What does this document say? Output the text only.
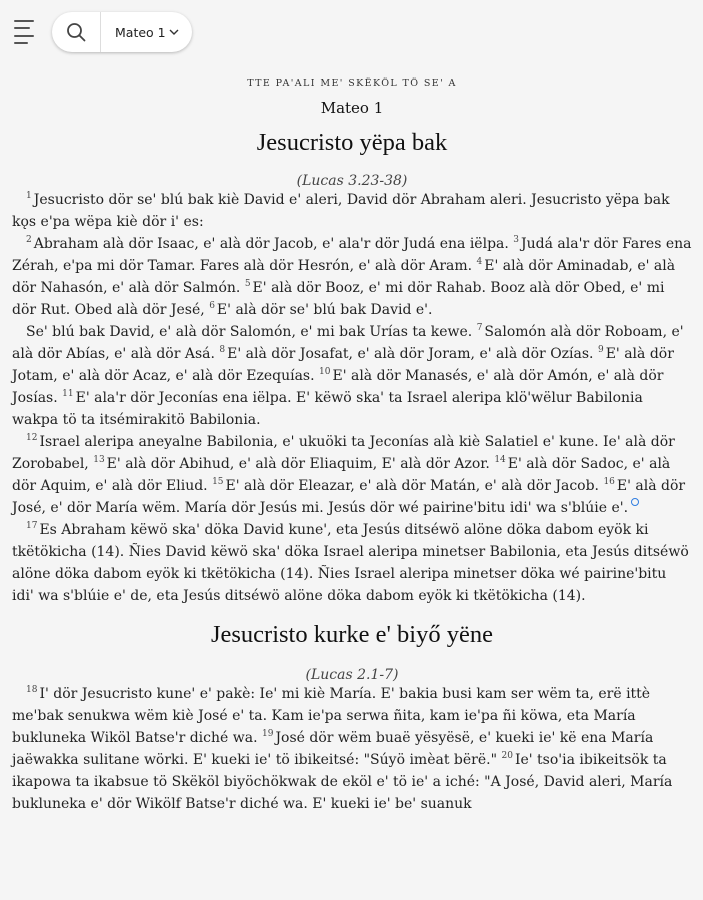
Mateo 1
TTE PA'ALI ME' SKËKÖL TÖ SE' A
Mateo 1
Jesucristo yëpa bak
(Lucas 3.23-38)

$^1$ Jesucristo dör se' blú bak kiè David e' aleri, David dör Abraham aleri. Jesucristo yëpa bak kǫs e'pa wëpa kiè dör i' es:

$^2$ Abraham alà dör Isaac, e' alà dör Jacob, e' ala'r dör Judá ena iëlpa. $^3$ Judá ala'r dör Fares ena Zérah, e'pa mi dör Tamar. Fares alà dör Hesrón, e' alà dör Aram. $^4$ E' alà dör Aminadab, e' alà dör Nahasón, e' alà dör Salmón. $^5$ E' alà dör Booz, e' mi dör Rahab. Booz alà dör Obed, e' mi dör Rut. Obed alà dör Jesé, $^6$ E' alà dör se' blú bak David e'.

Se' blú bak David, e' alà dör Salomón, e' mi bak Urías ta kewe. $^7$ Salomón alà dör Roboam, e' alà dör Abías, e' alà dör Asá. $^8$ E' alà dör Josafat, e' alà dör Joram, e' alà dör Ozías. $^9$ E' alà dör Jotam, e' alà dör Acaz, e' alà dör Ezequías. $^{10}$ E' alà dör Manasés, e' alà dör Amón, e' alà dör Josías. $^{11}$ E' ala'r dör Jeconías ena iëlpa. E' këwö ska' ta Israel aleripa klö'wëlur Babilonia wakpa tö ta itsémirakitö Babilonia.

$^{12}$ Israel aleripa aneyalne Babilonia, e' ukuöki ta Jeconías alà kiè Salatiel e' kune. Ie' alà dör Zorobabel, $^{13}$ E' alà dör Abihud, e' alà dör Eliaquim, E' alà dör Azor. $^{14}$ E' alà dör Sadoc, e' alà dör Aquim, e' alà dör Eliud. $^{15}$ E' alà dör Eleazar, e' alà dör Matán, e' alà dör Jacob. $^{16}$ E' alà dör José, e' dör María wëm. María dör Jesús mi. Jesús dör wé pairine'bitu idi' wa s'blúie e'.

$^{17}$ Es Abraham këwö ska' döka David kune', eta Jesús ditséwö alöne döka dabom eyök ki tkëtökicha (14). Ñies David këwö ska' döka Israel aleripa minetser Babilonia, eta Jesús ditséwö alöne döka dabom eyök ki tkëtökicha (14). Ñies Israel aleripa minetser döka wé pairine'bitu idi' wa s'blúie e' de, eta Jesús ditséwö alöne döka dabom eyök ki tkëtökicha (14).

Jesucristo kurke e' biyő yëne
(Lucas 2.1-7)

$^{18}$ I' dör Jesucristo kune' e' pakè: Ie' mi kiè María. E' bakia busi kam ser wëm ta, erë ittè me'bak senukwa wëm kiè José e' ta. Kam ie'pa serwa ñita, kam ie'pa ñi köwa, eta María bukluneka Wiköl Batse'r diché wa. $^{19}$ José dör wëm buaë yësyësë, e' kueki ie' kë ena María jaëwakka sulitane wörki. E' kueki ie' tö ibikeitsé: "Súyö imèat bërë." $^{20}$ Ie' tso'ia ibikeitsök ta ikapowa ta ikabsue tö Skëköl biyöchökwak de eköl e' tö ie' a iché: "A José, David aleri, María bukluneka e' dör Wikölf Batse'r diché wa. E' kueki ie' be' suanuk
